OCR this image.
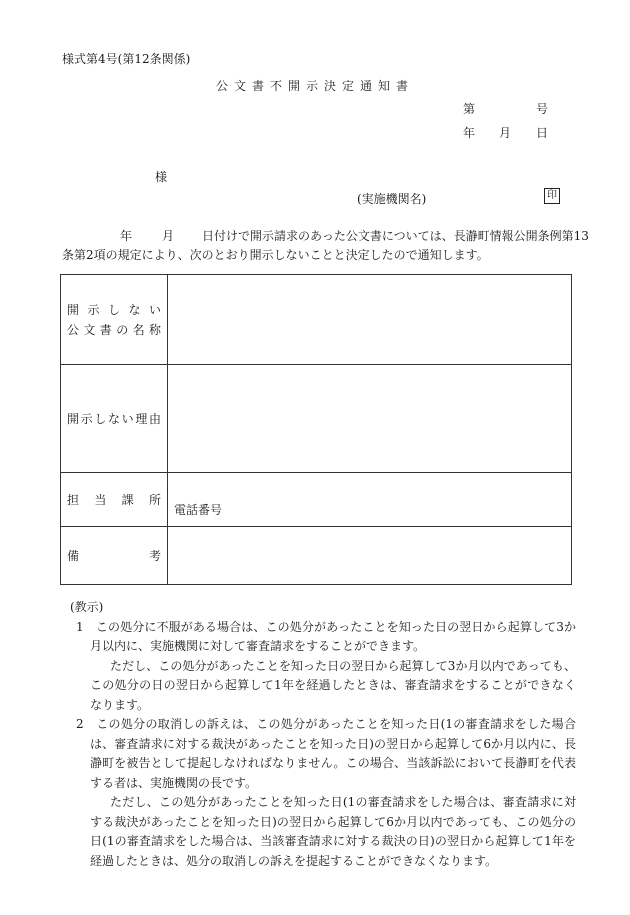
様式第4号(第12条関係)
公文書不開示決定通知書
第	号
年 月 日
様
(実施機関名)	印
年	月 日付けで開示請求のあった公文書については、長瀞町情報公開条例第13
条第2項の規定により、次のとおり開示しないことと決定したので通知します。
開示しない
公文書の名称	

開示しない理由	

担当課所	電話番号

備考	

(教示)

1　この処分に不服がある場合は、この処分があったことを知った日の翌日から起算して3か月以内に、実施機関に対して審査請求をすることができます。

ただし、この処分があったことを知った日の翌日から起算して3か月以内であっても、この処分の日の翌日から起算して1年を経過したときは、審査請求をすることができなくなります。

2　この処分の取消しの訴えは、この処分があったことを知った日(1の審査請求をした場合は、審査請求に対する裁決があったことを知った日)の翌日から起算して6か月以内に、長瀞町を被告として提起しなければなりません。この場合、当該訴訟において長瀞町を代表する者は、実施機関の長です。

ただし、この処分があったことを知った日(1の審査請求をした場合は、審査請求に対する裁決があったことを知った日)の翌日から起算して6か月以内であっても、この処分の日(1の審査請求をした場合は、当該審査請求に対する裁決の日)の翌日から起算して1年を経過したときは、処分の取消しの訴えを提起することができなくなります。
